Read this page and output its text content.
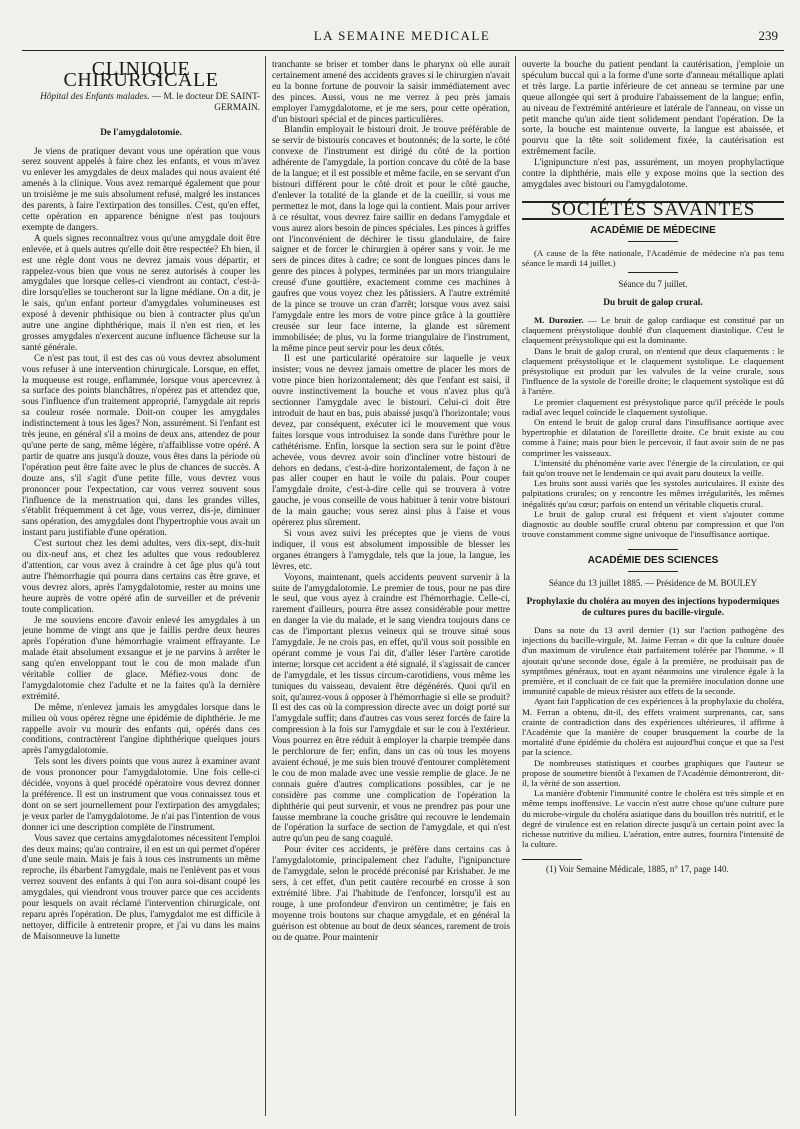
LA SEMAINE MEDICALE	239
CLINIQUE CHIRURGICALE
Hôpital des Enfants malades. — M. le docteur DE SAINT-GERMAIN.
De l'amygdalotomie.

Je viens de pratiquer devant vous une opération que vous serez souvent appelés à faire chez les enfants, et vous m'avez vu enlever les amygdales de deux malades qui nous avaient été amenés à la clinique. Vous avez remarqué également que pour un troisième je me suis absolument refusé, malgré les instances des parents, à faire l'extirpation des tonsilles. C'est, qu'en effet, cette opération en apparence bénigne n'est pas toujours exempte de dangers.

A quels signes reconnaîtrez vous qu'une amygdale doit être enlevée, et à quels autres qu'elle doit être respectée? Eh bien, il est une règle dont vous ne devrez jamais vous départir, et rappelez-vous bien que vous ne serez autorisés à couper les amygdales que lorsque celles-ci viendront au contact, c'est-à-dire lorsqu'elles se toucheront sur la ligne médiane. On a dit, je le sais, qu'un enfant porteur d'amygdales volumineuses est exposé à devenir phthisique ou bien à contracter plus qu'un autre une angine diphthérique, mais il n'en est rien, et les grosses amygdales n'exercent aucune influence fâcheuse sur la santé générale.

Ce n'est pas tout, il est des cas où vous devrez absolument vous refuser à une intervention chirurgicale. Lorsque, en effet, la muqueuse est rouge, enflammée, lorsque vous apercevrez à sa surface des points blanchâtres, n'opérez pas et attendez que, sous l'influence d'un traitement approprié, l'amygdale ait repris sa couleur rosée normale. Doit-on couper les amygdales indistinctement à tous les âges? Non, assurément. Si l'enfant est très jeune, en général s'il a moins de deux ans, attendez de pour qu'une perte de sang, même légère, n'affaiblisse votre opéré. A partir de quatre ans jusqu'à douze, vous êtes dans la période où l'opération peut être faite avec le plus de chances de succès. A douze ans, s'il s'agit d'une petite fille, vous devrez vous prononcer pour l'expectation, car vous verrez souvent sous l'influence de la menstruation qui, dans les grandes villes, s'établit fréquemment à cet âge, vous verrez, dis-je, diminuer sans opération, des amygdales dont l'hypertrophie vous avait un instant paru justifiable d'une opération.

C'est surtout chez les demi adultes, vers dix-sept, dix-huit ou dix-neuf ans, et chez les adultes que vous redoublerez d'attention, car vous avez à craindre à cet âge plus qu'à tout autre l'hémorrhagie qui pourra dans certains cas être grave, et vous devrez alors, après l'amygdalotomie, rester au moins une heure auprès de votre opéré afin de surveiller et de prévenir toute complication.

Je me souviens encore d'avoir enlevé les amygdales à un jeune homme de vingt ans que je faillis perdre deux heures après l'opération d'une hémorrhagie vraiment effrayante. Le malade était absolument exsangue et je ne parvins à arrêter le sang qu'en enveloppant tout le cou de mon malade d'un véritable collier de glace. Méfiez-vous donc de l'amygdalotomie chez l'adulte et ne la faites qu'à la dernière extrémité.

De même, n'enlevez jamais les amygdales lorsque dans le milieu où vous opérez règne une épidémie de diphthérie. Je me rappelle avoir vu mourir des enfants qui, opérés dans ces conditions, contractèrent l'angine diphthérique quelques jours après l'amygdalotomie.

Tels sont les divers points que vous aurez à examiner avant de vous prononcer pour l'amygdalotomie. Une fois celle-ci décidée, voyons à quel procédé opératoire vous devrez donner la préférence. Il est un instrument que vous connaissez tous et dont on se sert journellement pour l'extirpation des amygdales; je veux parler de l'amygdalotome. Je n'ai pas l'intention de vous donner ici une description complète de l'instrument.

Vous savez que certains amygdalotomes nécessitent l'emploi des deux mains; qu'au contraire, il en est un qui permet d'opérer d'une seule main. Mais je fais à tous ces instruments un même reproche, ils ébarbent l'amygdale, mais ne l'enlèvent pas et vous verrez souvent des enfants à qui l'on aura soi-disant coupé les amygdales, qui viendront vous trouver parce que ces accidents pour lesquels on avait réclamé l'intervention chirurgicale, ont reparu après l'opération. De plus, l'amygdalot me est difficile à nettoyer, difficile à entretenir propre, et j'ai vu dans les mains de Maisonneuve la lunette

tranchante se briser et tomber dans le pharynx où elle aurait certainement amené des accidents graves si le chirurgien n'avait eu la bonne fortune de pouvoir la saisir immédiatement avec des pinces. Aussi, vous ne me verrez à peu près jamais employer l'amygdalotome, et je me sers, pour cette opération, d'un bistouri spécial et de pinces particulières.

Blandin employait le bistouri droit. Je trouve préférable de se servir de bistouris concaves et boutonnés; de la sorte, le côté convexe de l'instrument est dirigé du côté de la portion adhérente de l'amygdale, la portion concave du côté de la base de la langue; et il est possible et même facile, en se servant d'un bistouri différent pour le côté droit et pour le côté gauche, d'enlever la totalité de la glande et de la cueillir, si vous me permettez le mot, dans la loge qui la contient. Mais pour arriver à ce résultat, vous devrez faire saillir en dedans l'amygdale et vous aurez alors besoin de pinces spéciales. Les pinces à griffes ont l'inconvénient de déchirer le tissu glandulaire, de faire saigner et de forcer le chirurgien à opérer sans y voir. Je me sers de pinces dites à cadre; ce sont de longues pinces dans le genre des pinces à polypes, terminées par un mors triangulaire creusé d'une gouttière, exactement comme ces machines à gaufres que vous voyez chez les pâtissiers. A l'autre extrémité de la pince se trouve un cran d'arrêt; lorsque vous avez saisi l'amygdale entre les mors de votre pince grâce à la gouttière creusée sur leur face interne, la glande est sûrement immobilisée; de plus, vu la forme triangulaire de l'instrument, la même pince peut servir pour les deux côtés.

Il est une particularité opératoire sur laquelle je veux insister; vous ne devrez jamais omettre de placer les mors de votre pince bien horizontalement; dès que l'enfant est saisi, il ouvre instinctivement la bouche et vous n'avez plus qu'à sectionner l'amygdale avec le bistouri. Celui-ci doit être introduit de haut en bas, puis abaissé jusqu'à l'horizontale; vous devez, par conséquent, exécuter ici le mouvement que vous faites lorsque vous introduisez la sonde dans l'urèthre pour le cathétérisme. Enfin, lorsque la section sera sur le point d'être achevée, vous devrez avoir soin d'incliner votre bistouri de dehors en dedans, c'est-à-dire horizontalement, de façon à ne pas aller couper en haut le voile du palais. Pour couper l'amygdale droite, c'est-à-dire celle qui se trouvera à votre gauche, je vous conseille de vous habituer à tenir votre bistouri de la main gauche; vous serez ainsi plus à l'aise et vous opérerez plus sûrement.

Si vous avez suivi les préceptes que je viens de vous indiquer, il vous est absolument impossible de blesser les organes étrangers à l'amygdale, tels que la joue, la langue, les lèvres, etc.

Voyons, maintenant, quels accidents peuvent survenir à la suite de l'amygdalotomie. Le premier de tous, pour ne pas dire le seul, que vous ayez à craindre est l'hémorrhagie. Celle-ci, rarement d'ailleurs, pourra être assez considérable pour mettre en danger la vie du malade, et le sang viendra toujours dans ce cas de l'important plexus veineux qui se trouve situé sous l'amygdale. Je ne crois pas, en effet, qu'il vous soit possible en opérant comme je vous l'ai dit, d'aller léser l'artère carotide interne; lorsque cet accident a été signalé, il s'agissait de cancer de l'amygdale, et les tissus circum-carotidiens, vous même les tuniques du vaisseau, devaient être dégénérés. Quoi qu'il en soit, qu'aurez-vous à opposer à l'hémorrhagie si elle se produit? Il est des cas où la compression directe avec un doigt porté sur l'amygdale suffit; dans d'autres cas vous serez forcés de faire la compression à la fois sur l'amygdale et sur le cou à l'extérieur. Vous pourrez en être réduit à employer la charpie trempée dans le perchlorure de fer; enfin, dans un cas où tous les moyens avaient échoué, je me suis bien trouvé d'entourer complètement le cou de mon malade avec une vessie remplie de glace. Je ne connais guère d'autres complications possibles, car je ne considère pas comme une complication de l'opération la diphthérie qui peut survenir, et vous ne prendrez pas pour une fausse membrane la couche grisâtre qui recouvre le lendemain de l'opération la surface de section de l'amygdale, et qui n'est autre qu'un peu de sang coagulé.

Pour éviter ces accidents, je préfère dans certains cas à l'amygdalotomie, principalement chez l'adulte, l'ignipuncture de l'amygdale, selon le procédé préconisé par Krishaber. Je me sers, à cet effet, d'un petit cautère recourbé en crosse à son extrémité libre. J'ai l'habitude de l'enfoncer, lorsqu'il est au rouge, à une profondeur d'environ un centimètre; je fais en moyenne trois boutons sur chaque amygdale, et en général la guérison est obtenue au bout de deux séances, rarement de trois ou de quatre. Pour maintenir

ouverte la bouche du patient pendant la cautérisation, j'emploie un spéculum buccal qui a la forme d'une sorte d'anneau métallique aplati et très large. La partie inférieure de cet anneau se termine par une queue allongée qui sert à produire l'abaissement de la langue; enfin, au niveau de l'extrémité antérieure et latérale de l'anneau, on visse un petit manche qu'un aide tient solidement pendant l'opération. De la sorte, la bouche est maintenue ouverte, la langue est abaissée, et pourvu que la tête soit solidement fixée, la cautérisation est extrêmement facile.

L'ignipuncture n'est pas, assurément, un moyen prophylactique contre la diphthérie, mais elle y expose moins que la section des amygdales avec bistouri ou l'amygdalotome.

SOCIÉTÉS SAVANTES
ACADÉMIE DE MÉDECINE

(A cause de la fête nationale, l'Académie de médecine n'a pas tenu séance le mardi 14 juillet.)

Séance du 7 juillet.

Du bruit de galop crural.

M. Durozier. — Le bruit de galop cardiaque est constitué par un claquement présystolique doublé d'un claquement diastolique. C'est le claquement présystolique qui est la dominante.

Dans le bruit de galop crural, on n'entend que deux claquements : le claquement présystolique et le claquement systolique. Le claquement présystolique est produit par les valvules de la veine crurale, sous l'influence de la systole de l'oreille droite; le claquement systolique est dû à l'artère.

Le premier claquement est présystolique parce qu'il précède le pouls radial avec lequel coïncide le claquement systolique.

On entend le bruit de galop crural dans l'insuffisance aortique avec hypertrophie et dilatation de l'oreillette droite. Ce bruit existe au cou comme à l'aine; mais pour bien le percevoir, il faut avoir soin de ne pas comprimer les vaisseaux.

L'intensité du phénomène varie avec l'énergie de la circulation, ce qui fait qu'on trouve net le lendemain ce qui avait paru douteux la veille.

Les bruits sont aussi variés que les systoles auriculaires. Il existe des palpitations crurales; on y rencontre les mêmes irrégularités, les mêmes inégalités qu'au cœur; parfois on entend un véritable cliquetis crural.

Le bruit de galop crural est fréquent et vient s'ajouter comme diagnostic au double souffle crural obtenu par compression et que l'on trouve constamment comme signe univoque de l'insuffisance aortique.

ACADÉMIE DES SCIENCES

Séance du 13 juillet 1885. — Présidence de M. BOULEY

Prophylaxie du choléra au moyen des injections hypodermiques de cultures pures du bacille-virgule.

Dans sa note du 13 avril dernier (1) sur l'action pathogène des injections du bacille-virgule, M. Jaime Ferran « dit que la culture douée d'un maximum de virulence était parfaitement tolérée par l'homme. » Il ajoutait qu'une seconde dose, égale à la première, ne produisait pas de symptômes généraux, tout en ayant néanmoins une virulence égale à la première, et il concluait de ce fait que la première inoculation donne une immunité capable de mieux résister aux effets de la seconde.

Ayant fait l'application de ces expériences à la prophylaxie du choléra, M. Ferran a obtenu, dit-il, des effets vraiment surprenants, car, sans crainte de contradiction dans des expériences ultérieures, il affirme à l'Académie que la manière de couper brusquement la courbe de la mortalité d'une épidémie du choléra est aujourd'hui conçue et que sa l'est par la science.

De nombreuses statistiques et courbes graphiques que l'auteur se propose de soumettre bientôt à l'examen de l'Académie démontreront, dit-il, la vérité de son assertion.

La manière d'obtenir l'immunité contre le choléra est très simple et en même temps inoffensive. Le vaccin n'est autre chose qu'une culture pure du microbe-virgule du choléra asiatique dans du bouillon très nutritif, et le degré de virulence est en relation directe jusqu'à un certain point avec la richesse nutritive du milieu. L'aération, entre autres, fournira l'intensité de la culture.

(1) Voir Semaine Médicale, 1885, n° 17, page 140.
